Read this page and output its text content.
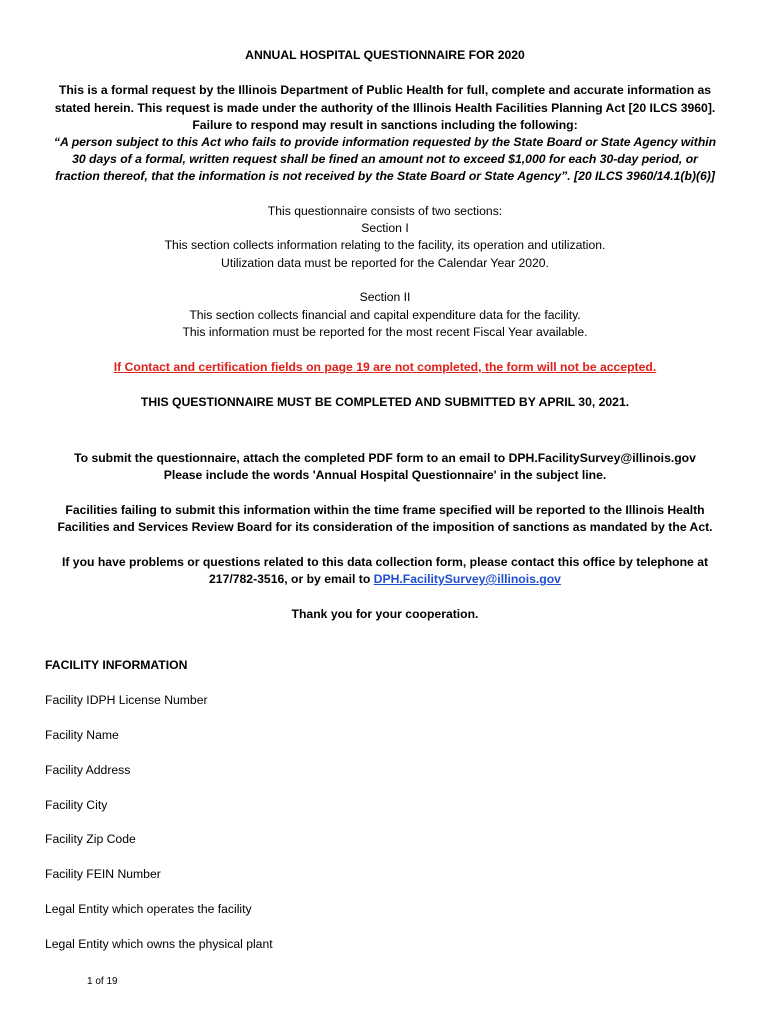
ANNUAL HOSPITAL QUESTIONNAIRE FOR 2020
This is a formal request by the Illinois Department of Public Health for full, complete and accurate information as
stated herein. This request is made under the authority of the Illinois Health Facilities Planning Act [20 ILCS 3960].
Failure to respond may result in sanctions including the following:
“A person subject to this Act who fails to provide information requested by the State Board or State Agency within
30 days of a formal, written request shall be fined an amount not to exceed $1,000 for each 30-day period, or
fraction thereof, that the information is not received by the State Board or State Agency”. [20 ILCS 3960/14.1(b)(6)]
This questionnaire consists of two sections:
Section I
This section collects information relating to the facility, its operation and utilization.
Utilization data must be reported for the Calendar Year 2020.
Section II
This section collects financial and capital expenditure data for the facility.
This information must be reported for the most recent Fiscal Year available.
If Contact and certification fields on page 19 are not completed, the form will not be accepted.
THIS QUESTIONNAIRE MUST BE COMPLETED AND SUBMITTED BY APRIL 30, 2021.
To submit the questionnaire, attach the completed PDF form to an email to DPH.FacilitySurvey@illinois.gov
Please include the words 'Annual Hospital Questionnaire' in the subject line.
Facilities failing to submit this information within the time frame specified will be reported to the Illinois Health
Facilities and Services Review Board for its consideration of the imposition of sanctions as mandated by the Act.
If you have problems or questions related to this data collection form, please contact this office by telephone at
217/782-3516, or by email to DPH.FacilitySurvey@illinois.gov
Thank you for your cooperation.
FACILITY INFORMATION
Facility IDPH License Number
Facility Name
Facility Address
Facility City
Facility Zip Code
Facility FEIN Number
Legal Entity which operates the facility
Legal Entity which owns the physical plant
1 of 19
